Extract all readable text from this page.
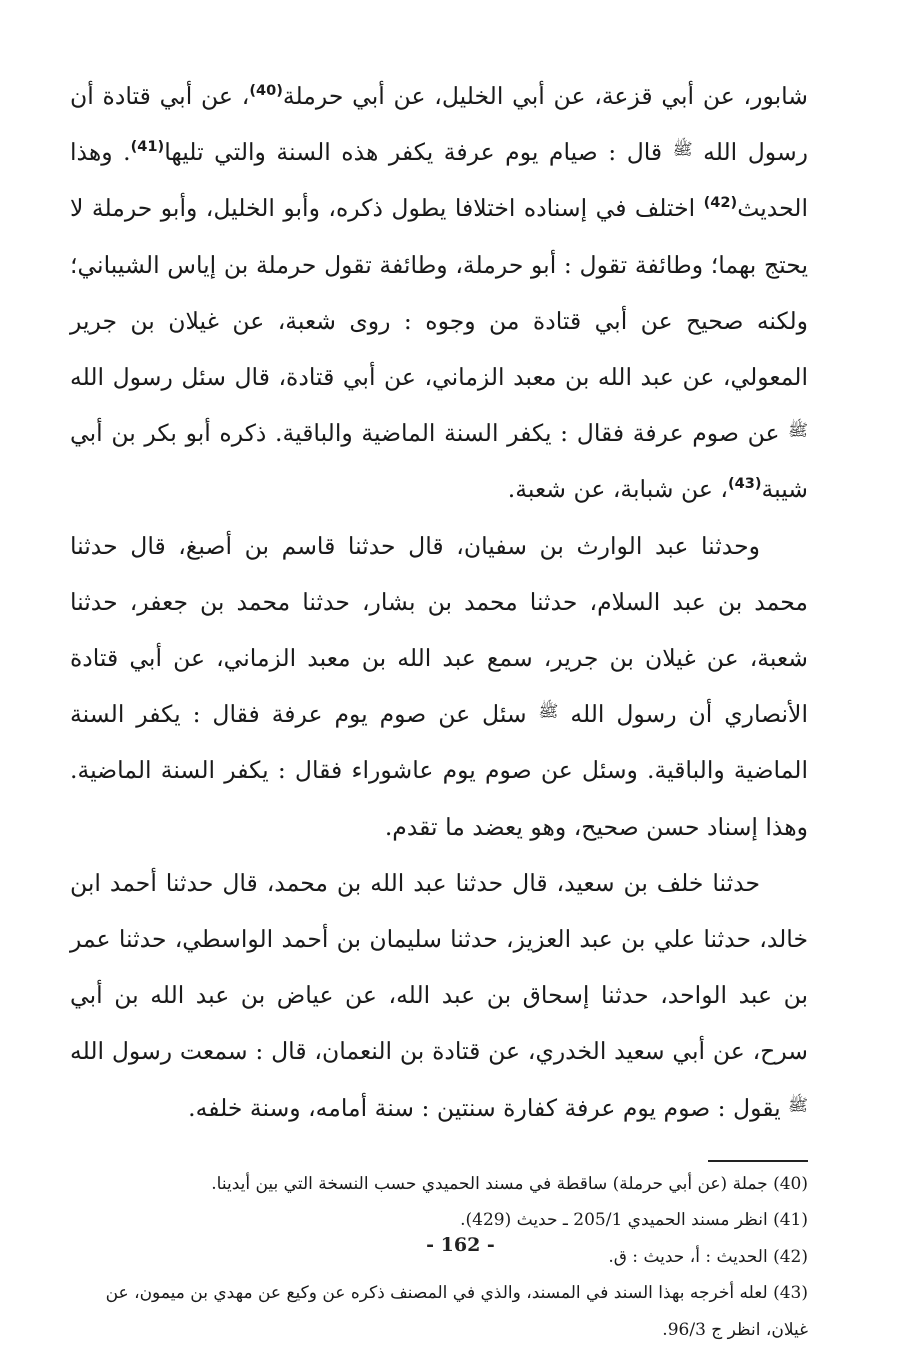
شابور، عن أبي قزعة، عن أبي الخليل، عن أبي حرملة$^{(40)}$، عن أبي قتادة أن رسول الله $^ﷺ$ قال : صيام يوم عرفة يكفر هذه السنة والتي تليها$^{(41)}$. وهذا الحديث$^{(42)}$ اختلف في إسناده اختلافا يطول ذكره، وأبو الخليل، وأبو حرملة لا يحتج بهما؛ وطائفة تقول : أبو حرملة، وطائفة تقول حرملة بن إياس الشيباني؛ ولكنه صحيح عن أبي قتادة من وجوه : روى شعبة، عن غيلان بن جرير المعولي، عن عبد الله بن معبد الزماني، عن أبي قتادة، قال سئل رسول الله $^ﷺ$ عن صوم عرفة فقال : يكفر السنة الماضية والباقية. ذكره أبو بكر بن أبي شيبة$^{(43)}$، عن شبابة، عن شعبة.

وحدثنا عبد الوارث بن سفيان، قال حدثنا قاسم بن أصبغ، قال حدثنا محمد بن عبد السلام، حدثنا محمد بن بشار، حدثنا محمد بن جعفر، حدثنا شعبة، عن غيلان بن جرير، سمع عبد الله بن معبد الزماني، عن أبي قتادة الأنصاري أن رسول الله $^ﷺ$ سئل عن صوم يوم عرفة فقال : يكفر السنة الماضية والباقية. وسئل عن صوم يوم عاشوراء فقال : يكفر السنة الماضية. وهذا إسناد حسن صحيح، وهو يعضد ما تقدم.

حدثنا خلف بن سعيد، قال حدثنا عبد الله بن محمد، قال حدثنا أحمد ابن خالد، حدثنا علي بن عبد العزيز، حدثنا سليمان بن أحمد الواسطي، حدثنا عمر بن عبد الواحد، حدثنا إسحاق بن عبد الله، عن عياض بن عبد الله بن أبي سرح، عن أبي سعيد الخدري، عن قتادة بن النعمان، قال : سمعت رسول الله $^ﷺ$ يقول : صوم يوم عرفة كفارة سنتين : سنة أمامه، وسنة خلفه.

(40) جملة (عن أبي حرملة) ساقطة في مسند الحميدي حسب النسخة التي بين أيدينا.

(41) انظر مسند الحميدي 205/1 ـ حديث (429).

(42) الحديث : أ، حديث : ق.

(43) لعله أخرجه بهذا السند في المسند، والذي في المصنف ذكره عن وكيع عن مهدي بن ميمون، عن غيلان، انظر ج 96/3.

- 162 -
